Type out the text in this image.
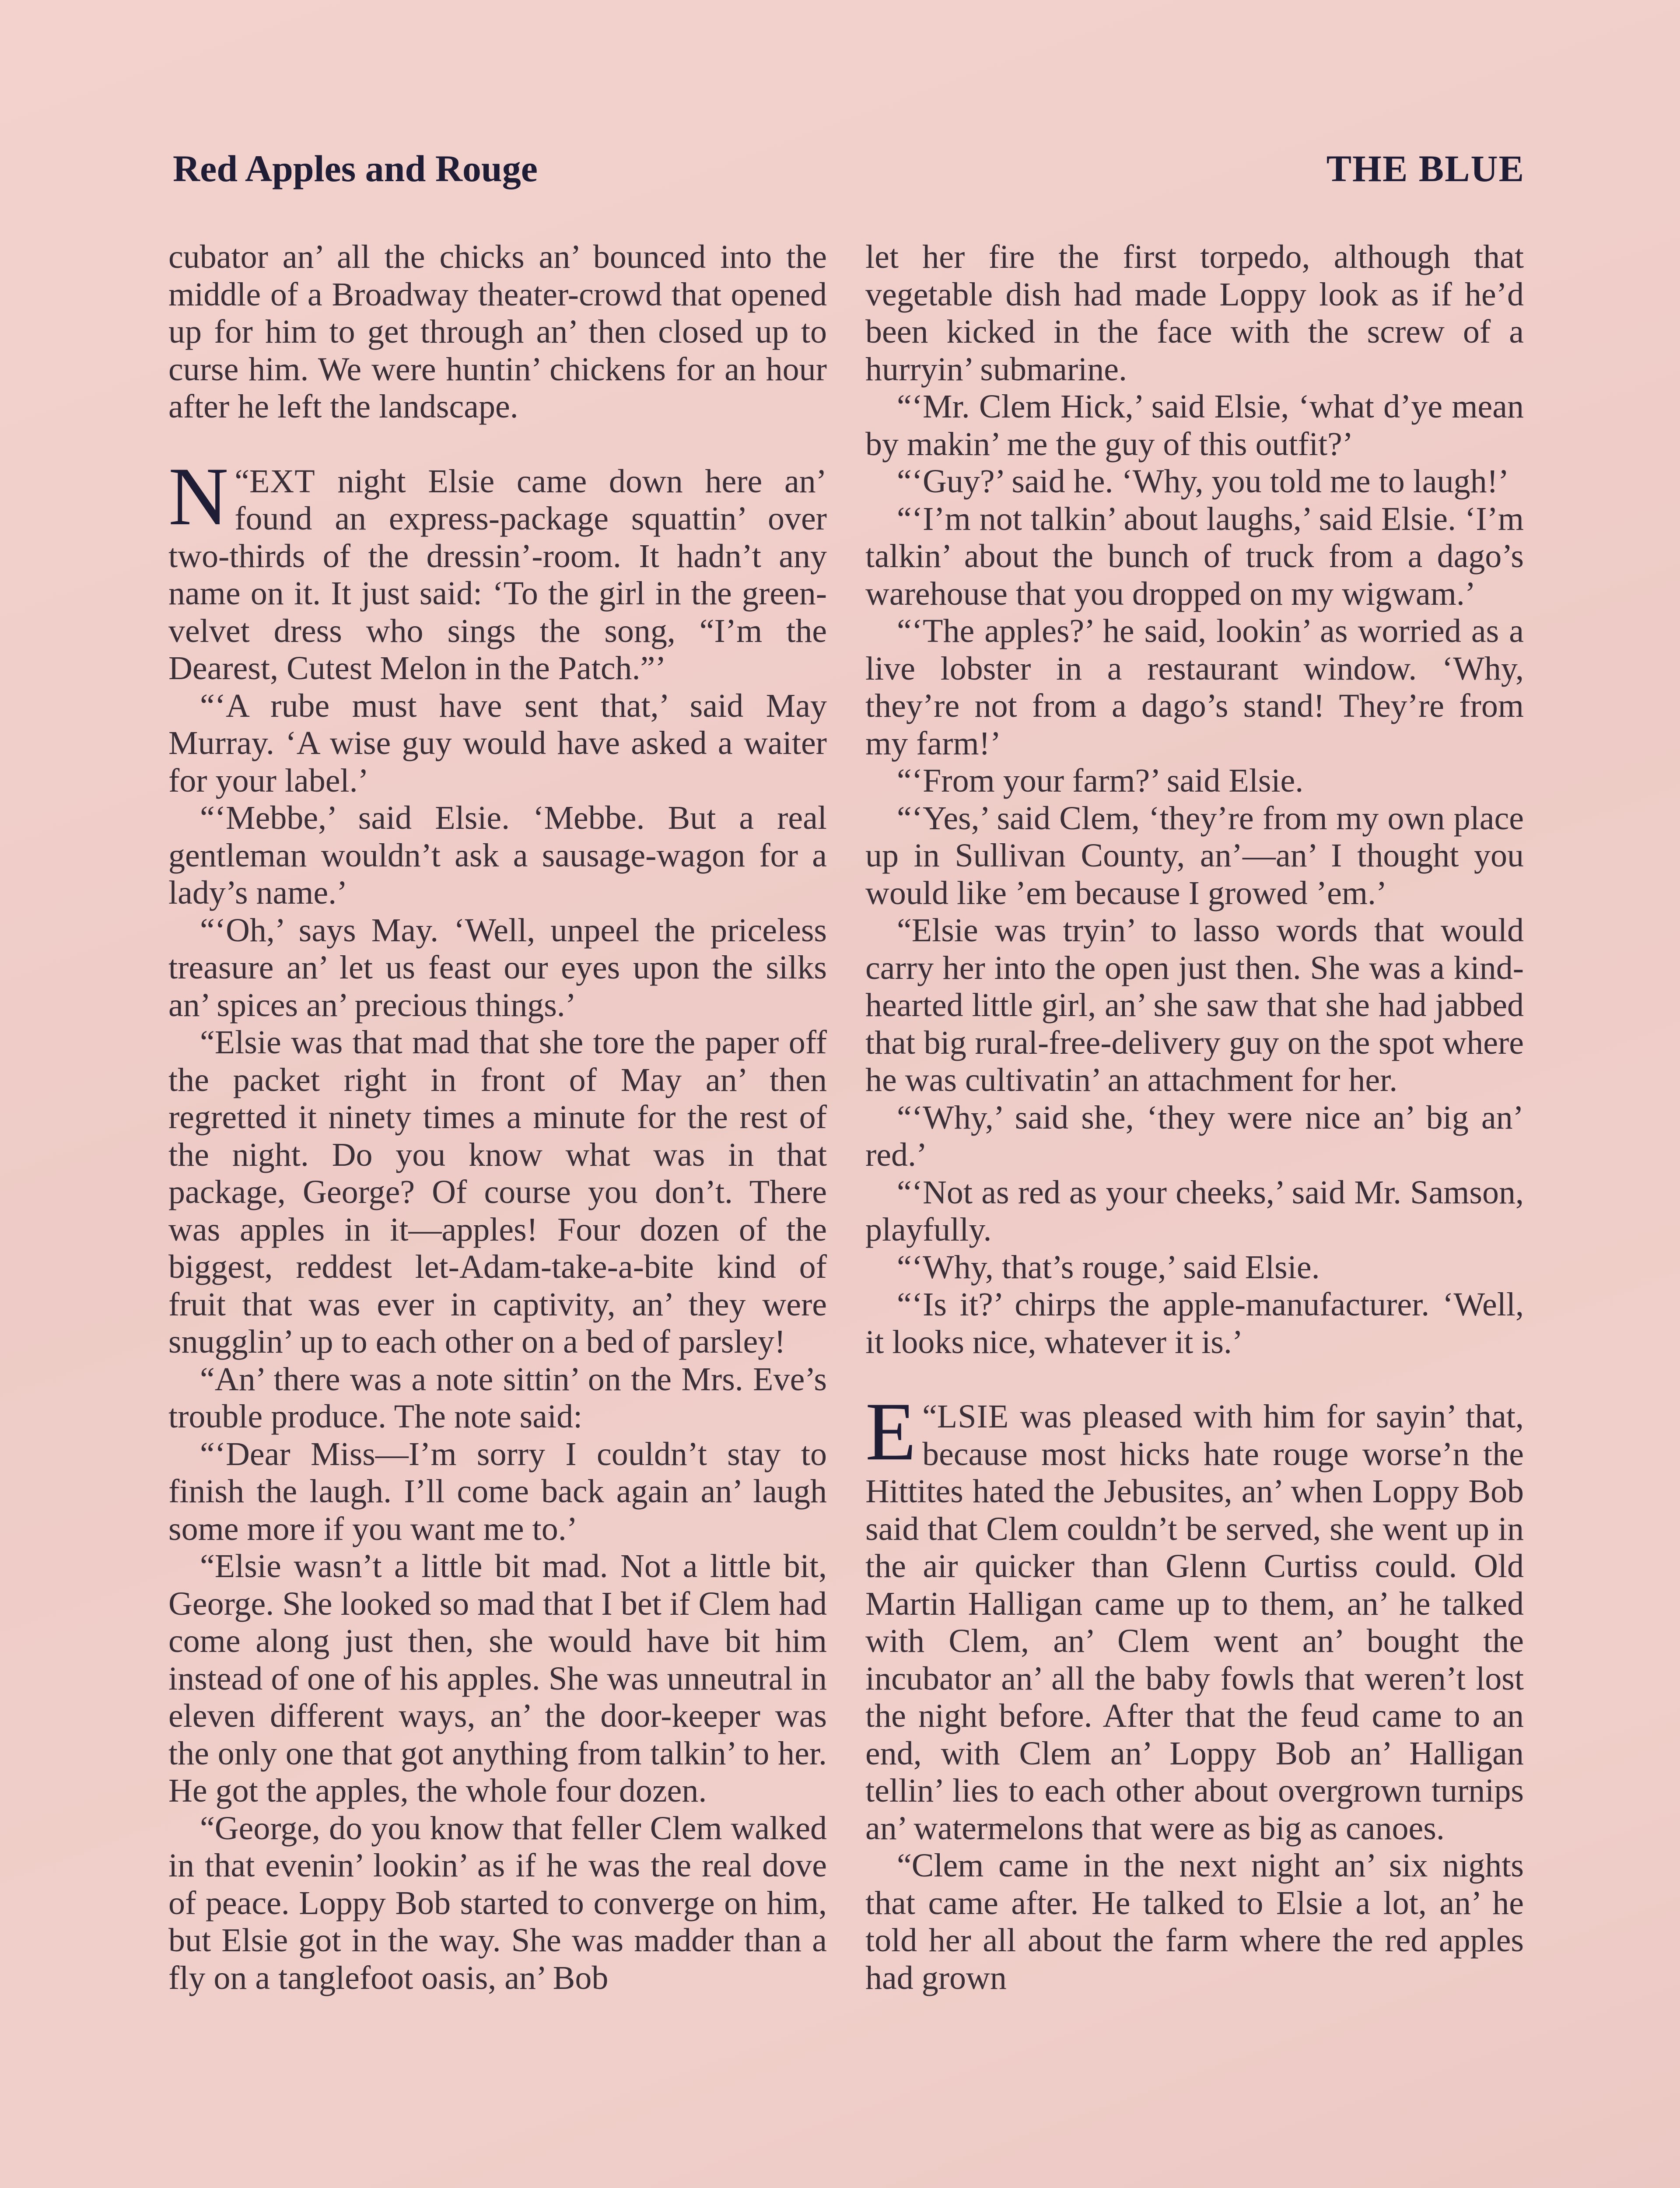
Red Apples and Rouge	THE BLUE

cubator an’ all the chicks an’ bounced into the middle of a Broadway theater-crowd that opened up for him to get through an’ then closed up to curse him. We were huntin’ chickens for an hour after he left the landscape.

“
N EXT night Elsie came down here an’ found an express-package squattin’ over two-thirds of the dressin’-room. It hadn’t any name on it. It just said: ‘To the girl in the green-velvet dress who sings the song, “I’m the Dearest, Cutest Melon in the Patch.”’

“‘A rube must have sent that,’ said May Murray. ‘A wise guy would have asked a waiter for your label.’

“‘Mebbe,’ said Elsie. ‘Mebbe. But a real gentleman wouldn’t ask a sausage-wagon for a lady’s name.’

“‘Oh,’ says May. ‘Well, unpeel the priceless treasure an’ let us feast our eyes upon the silks an’ spices an’ precious things.’

“Elsie was that mad that she tore the paper off the packet right in front of May an’ then regretted it ninety times a minute for the rest of the night. Do you know what was in that package, George? Of course you don’t. There was apples in it—apples! Four dozen of the biggest, reddest let-Adam-take-a-bite kind of fruit that was ever in captivity, an’ they were snugglin’ up to each other on a bed of parsley!

“An’ there was a note sittin’ on the Mrs. Eve’s trouble produce. The note said:

“‘Dear Miss—I’m sorry I couldn’t stay to finish the laugh. I’ll come back again an’ laugh some more if you want me to.’

“Elsie wasn’t a little bit mad. Not a little bit, George. She looked so mad that I bet if Clem had come along just then, she would have bit him instead of one of his apples. She was unneutral in eleven different ways, an’ the door-keeper was the only one that got anything from talkin’ to her. He got the apples, the whole four dozen.

“George, do you know that feller Clem walked in that evenin’ lookin’ as if he was the real dove of peace. Loppy Bob started to converge on him, but Elsie got in the way. She was madder than a fly on a tanglefoot oasis, an’ Bob

let her fire the first torpedo, although that vegetable dish had made Loppy look as if he’d been kicked in the face with the screw of a hurryin’ submarine.

“‘Mr. Clem Hick,’ said Elsie, ‘what d’ye mean by makin’ me the guy of this outfit?’

“‘Guy?’ said he. ‘Why, you told me to laugh!’

“‘I’m not talkin’ about laughs,’ said Elsie. ‘I’m talkin’ about the bunch of truck from a dago’s warehouse that you dropped on my wigwam.’

“‘The apples?’ he said, lookin’ as worried as a live lobster in a restaurant window. ‘Why, they’re not from a dago’s stand! They’re from my farm!’

“‘From your farm?’ said Elsie.

“‘Yes,’ said Clem, ‘they’re from my own place up in Sullivan County, an’—an’ I thought you would like ’em because I growed ’em.’

“Elsie was tryin’ to lasso words that would carry her into the open just then. She was a kind-hearted little girl, an’ she saw that she had jabbed that big rural-free-delivery guy on the spot where he was cultivatin’ an attachment for her.

“‘Why,’ said she, ‘they were nice an’ big an’ red.’

“‘Not as red as your cheeks,’ said Mr. Samson, playfully.

“‘Why, that’s rouge,’ said Elsie.

“‘Is it?’ chirps the apple-manufacturer. ‘Well, it looks nice, whatever it is.’

“
E LSIE was pleased with him for sayin’ that, because most hicks hate rouge worse’n the Hittites hated the Jebusites, an’ when Loppy Bob said that Clem couldn’t be served, she went up in the air quicker than Glenn Curtiss could. Old Martin Halligan came up to them, an’ he talked with Clem, an’ Clem went an’ bought the incubator an’ all the baby fowls that weren’t lost the night before. After that the feud came to an end, with Clem an’ Loppy Bob an’ Halligan tellin’ lies to each other about overgrown turnips an’ watermelons that were as big as canoes.

“Clem came in the next night an’ six nights that came after. He talked to Elsie a lot, an’ he told her all about the farm where the red apples had grown
